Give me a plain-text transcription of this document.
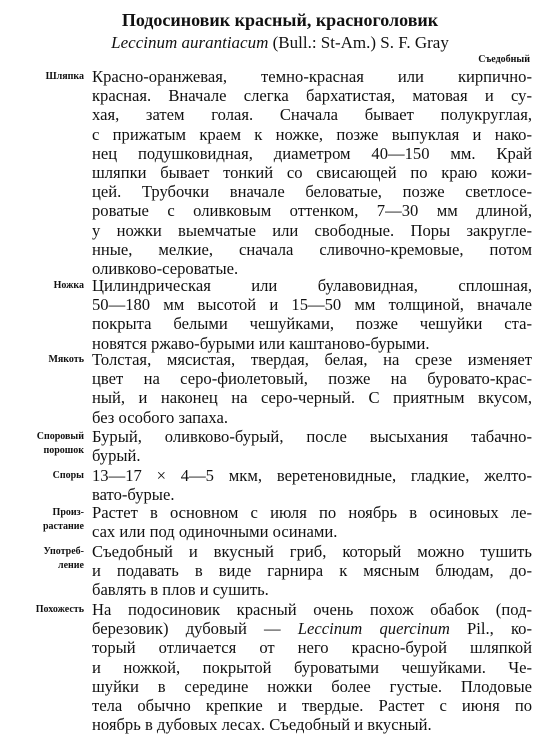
Подосиновик красный, красноголовик
Leccinum aurantiacum (Bull.: St-Am.) S. F. Gray
Съедобный
Шляпка Красно-оранжевая, темно-красная или кирпично-
красная. Вначале слегка бархатистая, матовая и су-
хая, затем голая. Сначала бывает полукруглая,
с прижатым краем к ножке, позже выпуклая и нако-
нец подушковидная, диаметром 40—150 мм. Край
шляпки бывает тонкий со свисающей по краю кожи-
цей. Трубочки вначале беловатые, позже светлосе-
роватые с оливковым оттенком, 7—30 мм длиной,
у ножки выемчатые или свободные. Поры закругле-
нные, мелкие, сначала сливочно-кремовые, потом
оливково-сероватые.
Ножка Цилиндрическая или булавовидная, сплошная,
50—180 мм высотой и 15—50 мм толщиной, вначале
покрыта белыми чешуйками, позже чешуйки ста-
новятся ржаво-бурыми или каштаново-бурыми.
Мякоть Толстая, мясистая, твердая, белая, на срезе изменяет
цвет на серо-фиолетовый, позже на буровато-крас-
ный, и наконец на серо-черный. С приятным вкусом,
без особого запаха.
Споровый
порошок
Бурый, оливково-бурый, после высыхания табачно-
бурый.
Споры 13—17 × 4—5 мкм, веретеновидные, гладкие, желто-
вато-бурые.
Произ-
растание
Растет в основном с июля по ноябрь в осиновых ле-
сах или под одиночными осинами.
Употреб-
ление
Съедобный и вкусный гриб, который можно тушить
и подавать в виде гарнира к мясным блюдам, до-
бавлять в плов и сушить.
Похожесть На подосиновик красный очень похож обабок (под-
березовик) дубовый — Leccinum quercinum Pil., ко-
торый отличается от него красно-бурой шляпкой
и ножкой, покрытой буроватыми чешуйками. Че-
шуйки в середине ножки более густые. Плодовые
тела обычно крепкие и твердые. Растет с июня по
ноябрь в дубовых лесах. Съедобный и вкусный.
